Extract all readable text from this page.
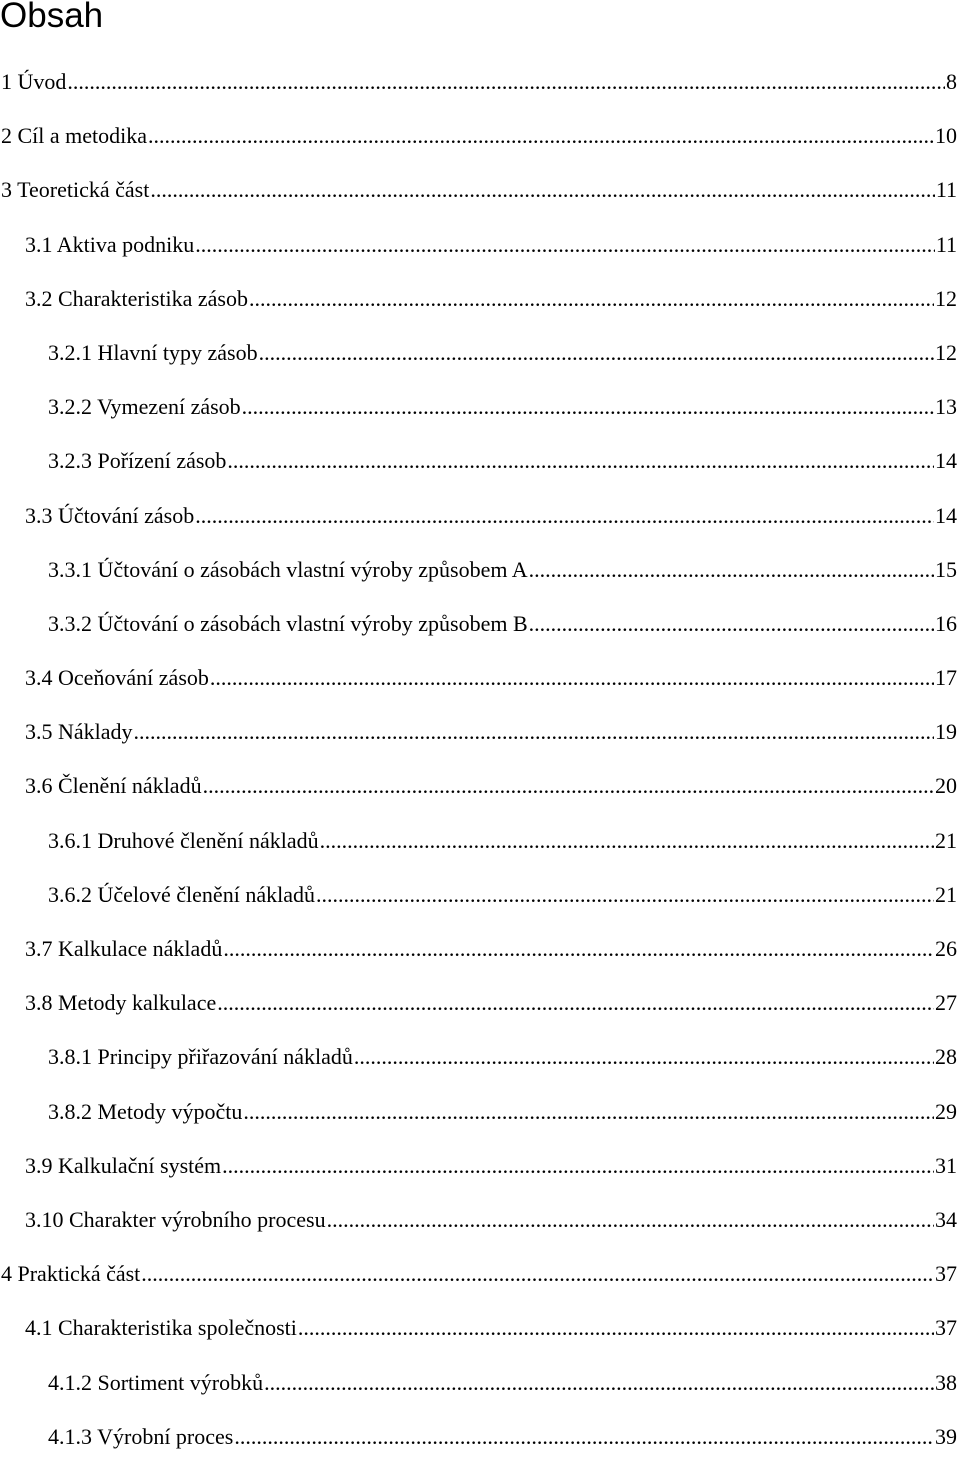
Obsah
1 Úvod .....	8
2 Cíl a metodika .....	10
3 Teoretická část .....	11
3.1 Aktiva podniku .....	11
3.2 Charakteristika zásob .....	12
3.2.1 Hlavní typy zásob .....	12
3.2.2 Vymezení zásob .....	13
3.2.3 Pořízení zásob .....	14
3.3 Účtování zásob .....	14
3.3.1 Účtování o zásobách vlastní výroby způsobem A .....	15
3.3.2 Účtování o zásobách vlastní výroby způsobem B .....	16
3.4 Oceňování zásob .....	17
3.5 Náklady .....	19
3.6 Členění nákladů .....	20
3.6.1 Druhové členění nákladů .....	21
3.6.2 Účelové členění nákladů .....	21
3.7 Kalkulace nákladů .....	26
3.8 Metody kalkulace .....	27
3.8.1 Principy přiřazování nákladů .....	28
3.8.2 Metody výpočtu .....	29
3.9 Kalkulační systém .....	31
3.10 Charakter výrobního procesu .....	34
4 Praktická část .....	37
4.1 Charakteristika společnosti .....	37
4.1.2 Sortiment výrobků .....	38
4.1.3 Výrobní proces .....	39
